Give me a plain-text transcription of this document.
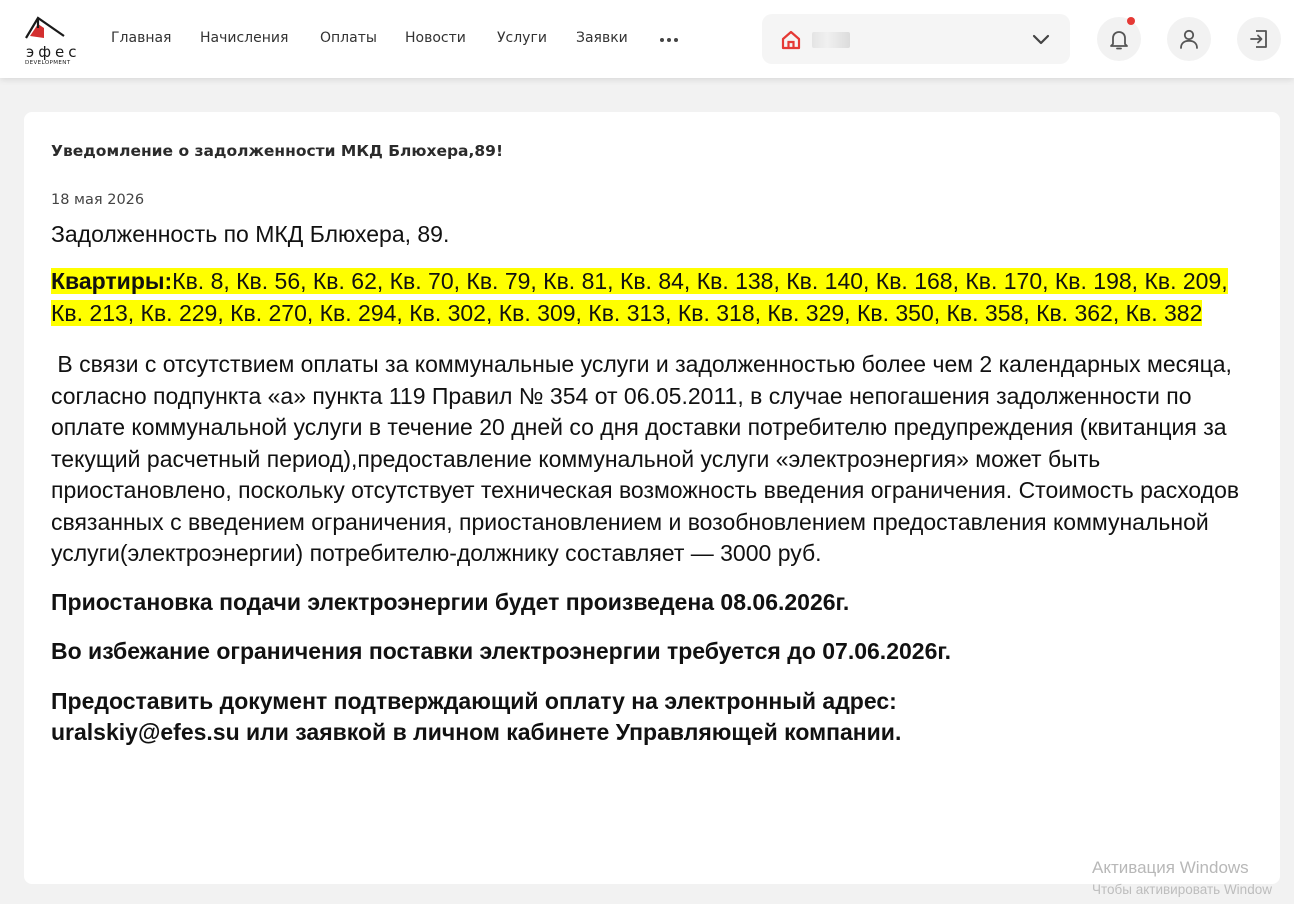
эфес
DEVELOPMENT
Главная Начисления Оплаты Новости Услуги Заявки
Уведомление о задолженности МКД Блюхера,89!
18 мая 2026
Задолженность по МКД Блюхера, 89.
Квартиры:Кв. 8, Кв. 56, Кв. 62, Кв. 70, Кв. 79, Кв. 81, Кв. 84, Кв. 138, Кв. 140, Кв. 168, Кв. 170, Кв. 198, Кв. 209, Кв. 213, Кв. 229, Кв. 270, Кв. 294, Кв. 302, Кв. 309, Кв. 313, Кв. 318, Кв. 329, Кв. 350, Кв. 358, Кв. 362, Кв. 382
В связи с отсутствием оплаты за коммунальные услуги и задолженностью более чем 2 календарных месяца, согласно подпункта «а» пункта 119 Правил № 354 от 06.05.2011, в случае непогашения задолженности по оплате коммунальной услуги в течение 20 дней со дня доставки потребителю предупреждения (квитанция за текущий расчетный период),предоставление коммунальной услуги «электроэнергия» может быть приостановлено, поскольку отсутствует техническая возможность введения ограничения. Стоимость расходов связанных с введением ограничения, приостановлением и возобновлением предоставления коммунальной услуги(электроэнергии) потребителю-должнику составляет — 3000 руб.
Приостановка подачи электроэнергии будет произведена 08.06.2026г.
Во избежание ограничения поставки электроэнергии требуется до 07.06.2026г.
Предоставить документ подтверждающий оплату на электронный адрес:
uralskiy@efes.su или заявкой в личном кабинете Управляющей компании.
Активация Windows
Чтобы активировать Window
